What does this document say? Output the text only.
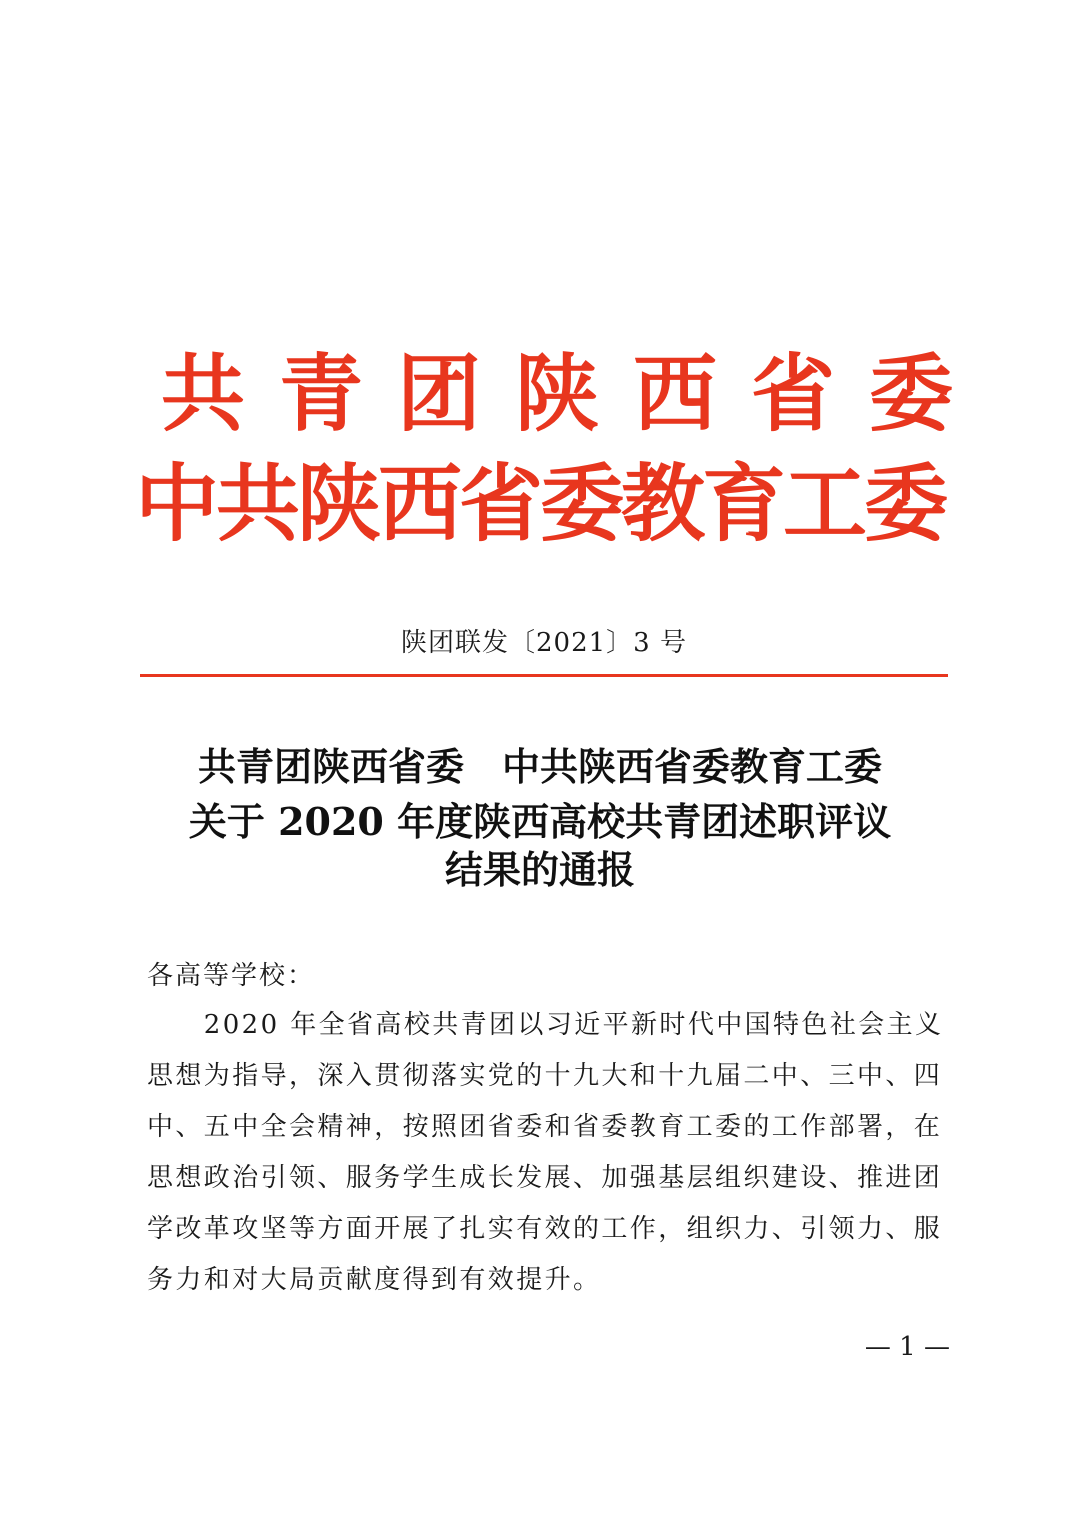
共青团陕西省委
中共陕西省委教育工委
陕团联发〔2021〕3 号
共青团陕西省委　中共陕西省委教育工委
关于 2020 年度陕西高校共青团述职评议
结果的通报
各高等学校：
　　2020 年全省高校共青团以习近平新时代中国特色社会主义
思想为指导，深入贯彻落实党的十九大和十九届二中、三中、四
中、五中全会精神，按照团省委和省委教育工委的工作部署，在
思想政治引领、服务学生成长发展、加强基层组织建设、推进团
学改革攻坚等方面开展了扎实有效的工作，组织力、引领力、服
务力和对大局贡献度得到有效提升。
— 1 —
